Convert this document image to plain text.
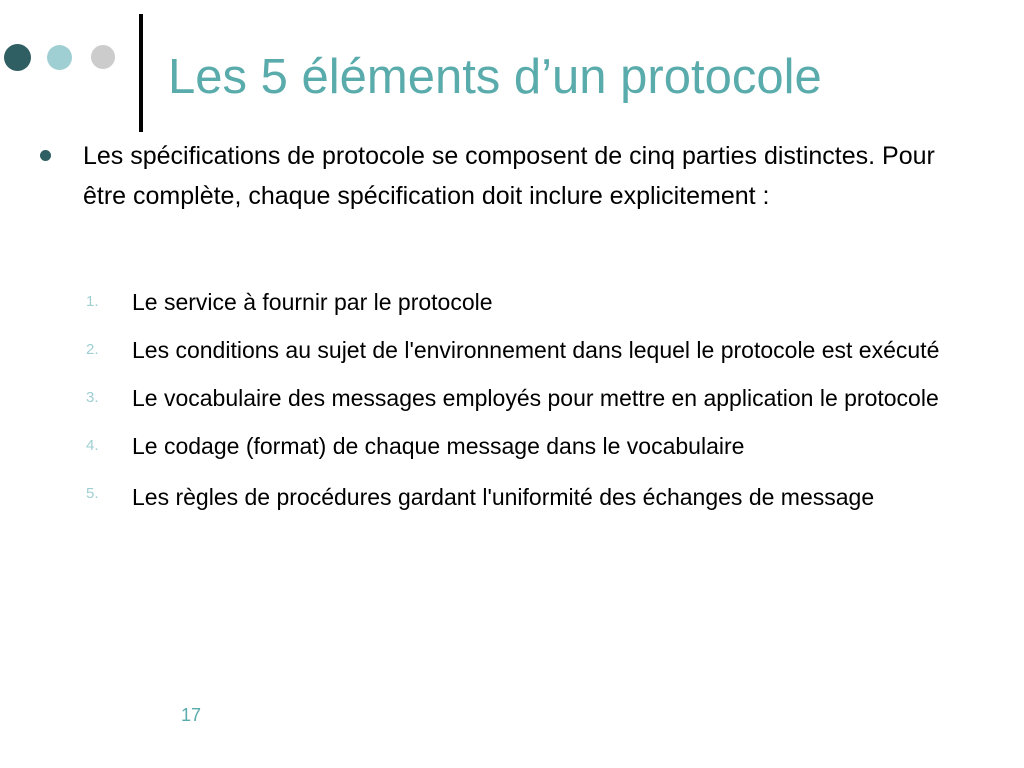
Les 5 éléments d’un protocole

Les spécifications de protocole se composent de cinq parties distinctes. Pour être complète, chaque spécification doit inclure explicitement :

1.	Le service à fournir par le protocole
2.	Les conditions au sujet de l'environnement dans lequel le protocole est exécuté
3.	Le vocabulaire des messages employés pour mettre en application le protocole
4.	Le codage (format) de chaque message dans le vocabulaire
5.	Les règles de procédures gardant l'uniformité des échanges de message
17
